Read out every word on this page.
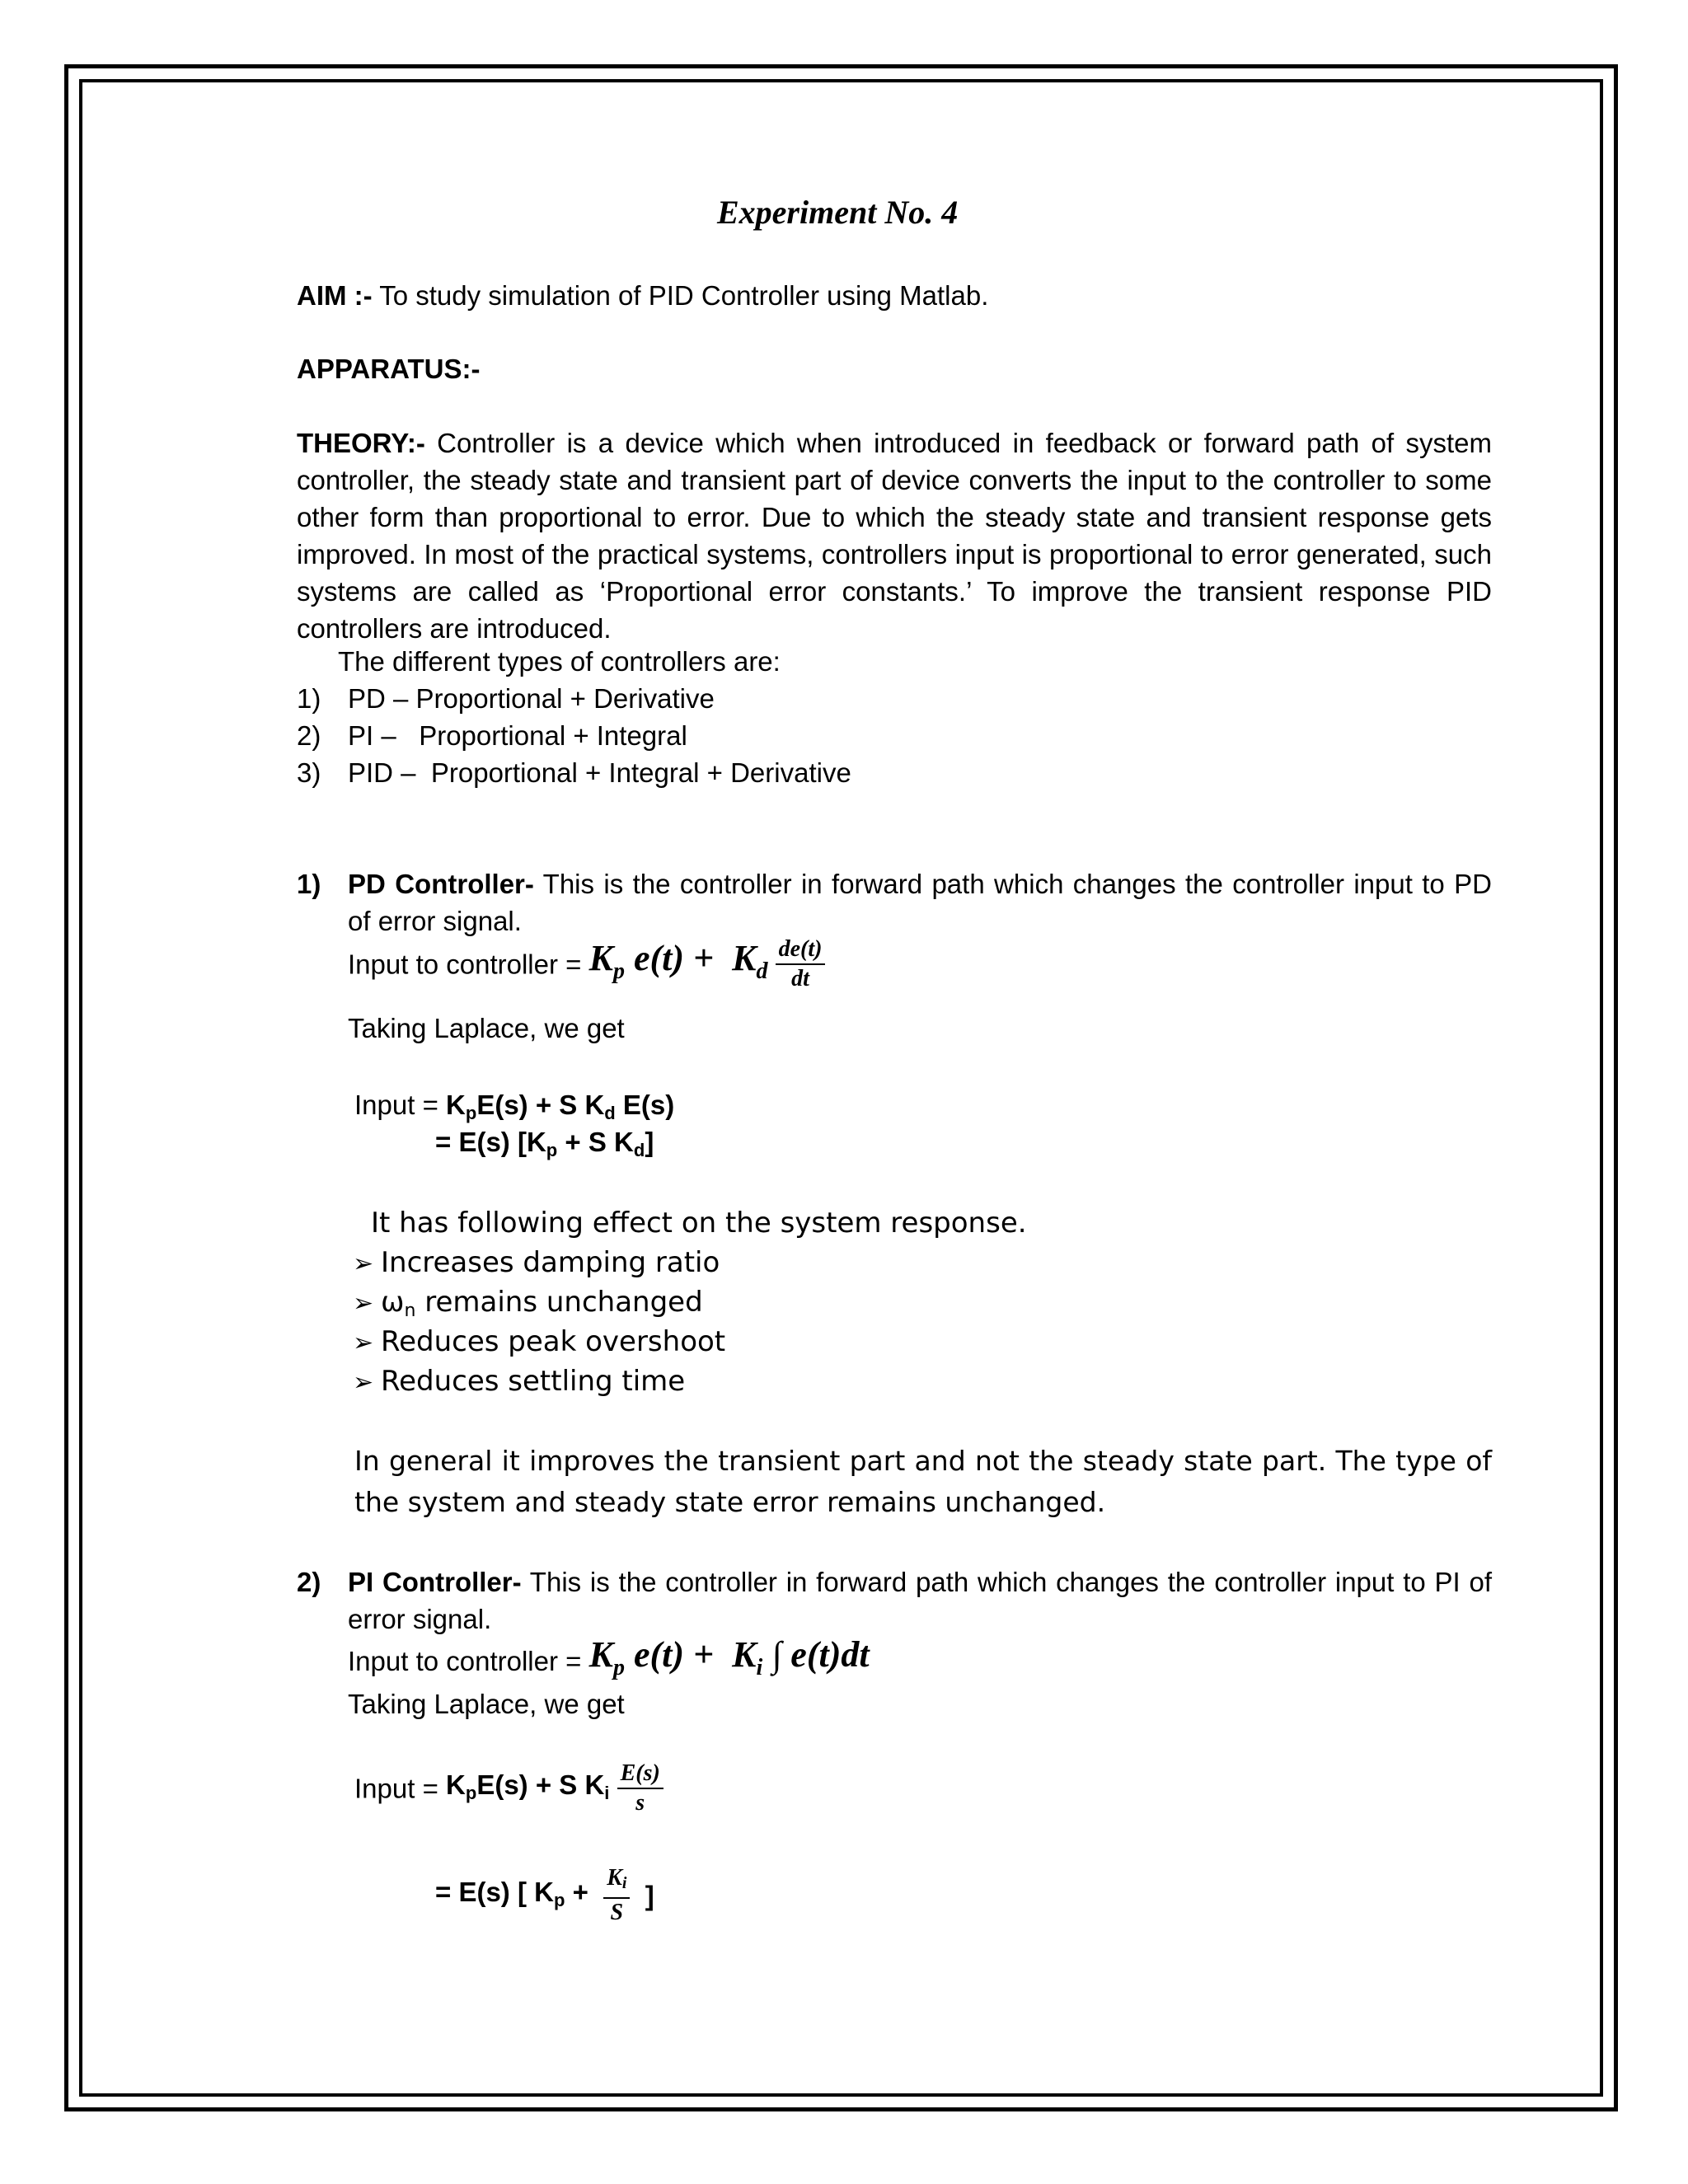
Experiment No. 4
AIM :- To study simulation of PID Controller using Matlab.
APPARATUS:-
THEORY:- Controller is a device which when introduced in feedback or forward path of system controller, the steady state and transient part of device converts the input to the controller to some other form than proportional to error. Due to which the steady state and transient response gets improved. In most of the practical systems, controllers input is proportional to error generated, such systems are called as ‘Proportional error constants.’ To improve the transient response PID controllers are introduced.
The different types of controllers are:
1) PD – Proportional + Derivative
2) PI –   Proportional + Integral
3) PID –  Proportional + Integral + Derivative
1) PD Controller- This is the controller in forward path which changes the controller input to PD of error signal.
Input to controller = $K_p$ $e(t) + K_d \frac{de(t)}{dt}$
Taking Laplace, we get
Input = KpE(s) + S Kd E(s)
= E(s) [Kp + S Kd]
It has following effect on the system response.
➢ Increases damping ratio
➢ ωn remains unchanged
➢ Reduces peak overshoot
➢ Reduces settling time
In general it improves the transient part and not the steady state part. The type of the system and steady state error remains unchanged.
2) PI Controller- This is the controller in forward path which changes the controller input to PI of error signal.
Input to controller = $K_p$ $e(t) + K_i$ ∫ e(t)dt
Taking Laplace, we get
Input = KpE(s) + S Ki $\frac{E(s)}{s}$
= E(s) [ $Kp + \frac{Ki}{S}$ ]
